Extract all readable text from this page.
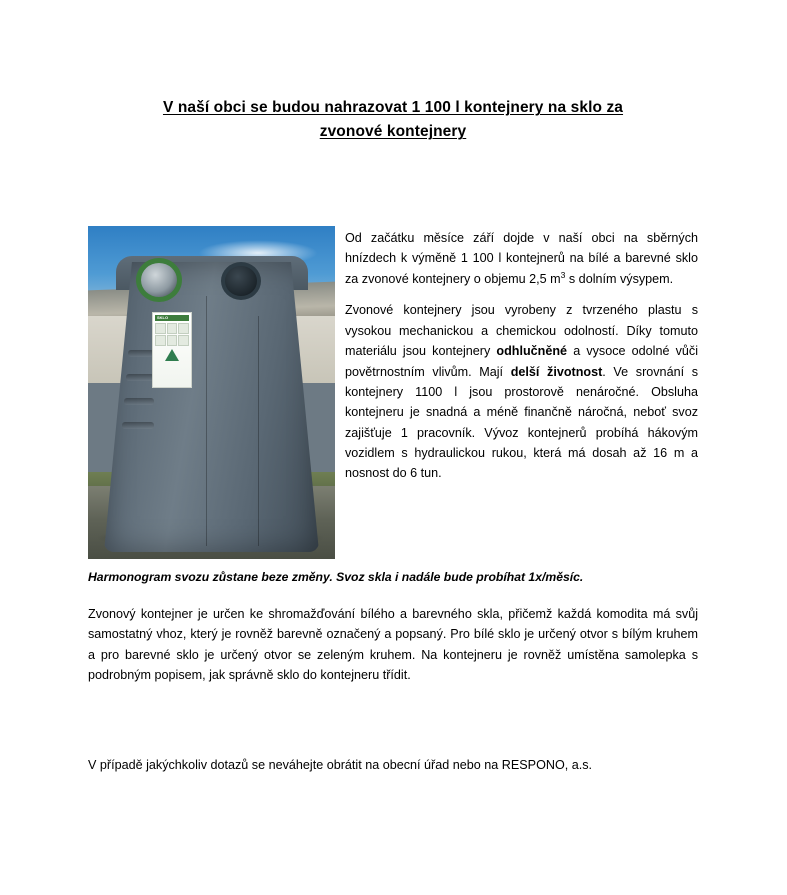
V naší obci se budou nahrazovat 1 100 l kontejnery na sklo za
zvonové kontejnery
SKLO

Od začátku měsíce září dojde v naší obci na sběrných hnízdech k výměně 1 100 l kontejnerů na bílé a barevné sklo za zvonové kontejnery o objemu 2,5 $m^3$ s dolním výsypem.

Zvonové kontejnery jsou vyrobeny z tvrzeného plastu s vysokou mechanickou a chemickou odolností. Díky tomuto materiálu jsou kontejnery odhlučněné a vysoce odolné vůči povětrnostním vlivům. Mají delší životnost. Ve srovnání s kontejnery 1100 l jsou prostorově nenáročné. Obsluha kontejneru je snadná a méně finančně náročná, neboť svoz zajišťuje 1 pracovník. Vývoz kontejnerů probíhá hákovým vozidlem s hydraulickou rukou, která má dosah až 16 m a nosnost do 6 tun.

Harmonogram svozu zůstane beze změny. Svoz skla i nadále bude probíhat 1x/měsíc.

Zvonový kontejner je určen ke shromažďování bílého a barevného skla, přičemž každá komodita má svůj samostatný vhoz, který je rovněž barevně označený a popsaný. Pro bílé sklo je určený otvor s bílým kruhem a pro barevné sklo je určený otvor se zeleným kruhem. Na kontejneru je rovněž umístěna samolepka s podrobným popisem, jak správně sklo do kontejneru třídit.

V případě jakýchkoliv dotazů se neváhejte obrátit na obecní úřad nebo na RESPONO, a.s.
